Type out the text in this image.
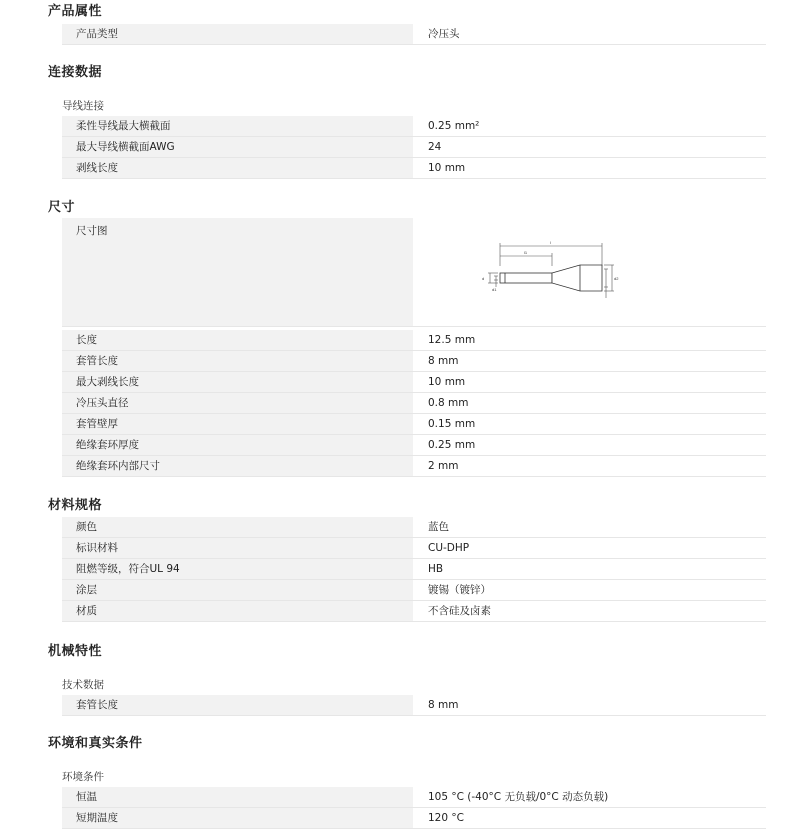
产品属性
产品类型	冷压头
连接数据
导线连接
柔性导线最大横截面	0.25 mm²
最大导线横截面AWG	24
剥线长度	10 mm
尺寸
尺寸图
l
l1
d
d1
d2
长度	12.5 mm
套管长度	8 mm
最大剥线长度	10 mm
冷压头直径	0.8 mm
套管壁厚	0.15 mm
绝缘套环厚度	0.25 mm
绝缘套环内部尺寸	2 mm
材料规格
颜色	蓝色
标识材料	CU-DHP
阻燃等级，符合UL 94	HB
涂层	镀锡（镀锌）
材质	不含硅及卤素
机械特性
技术数据
套管长度	8 mm
环境和真实条件
环境条件
恒温	105 °C (-40°C 无负载/0°C 动态负载)
短期温度	120 °C
